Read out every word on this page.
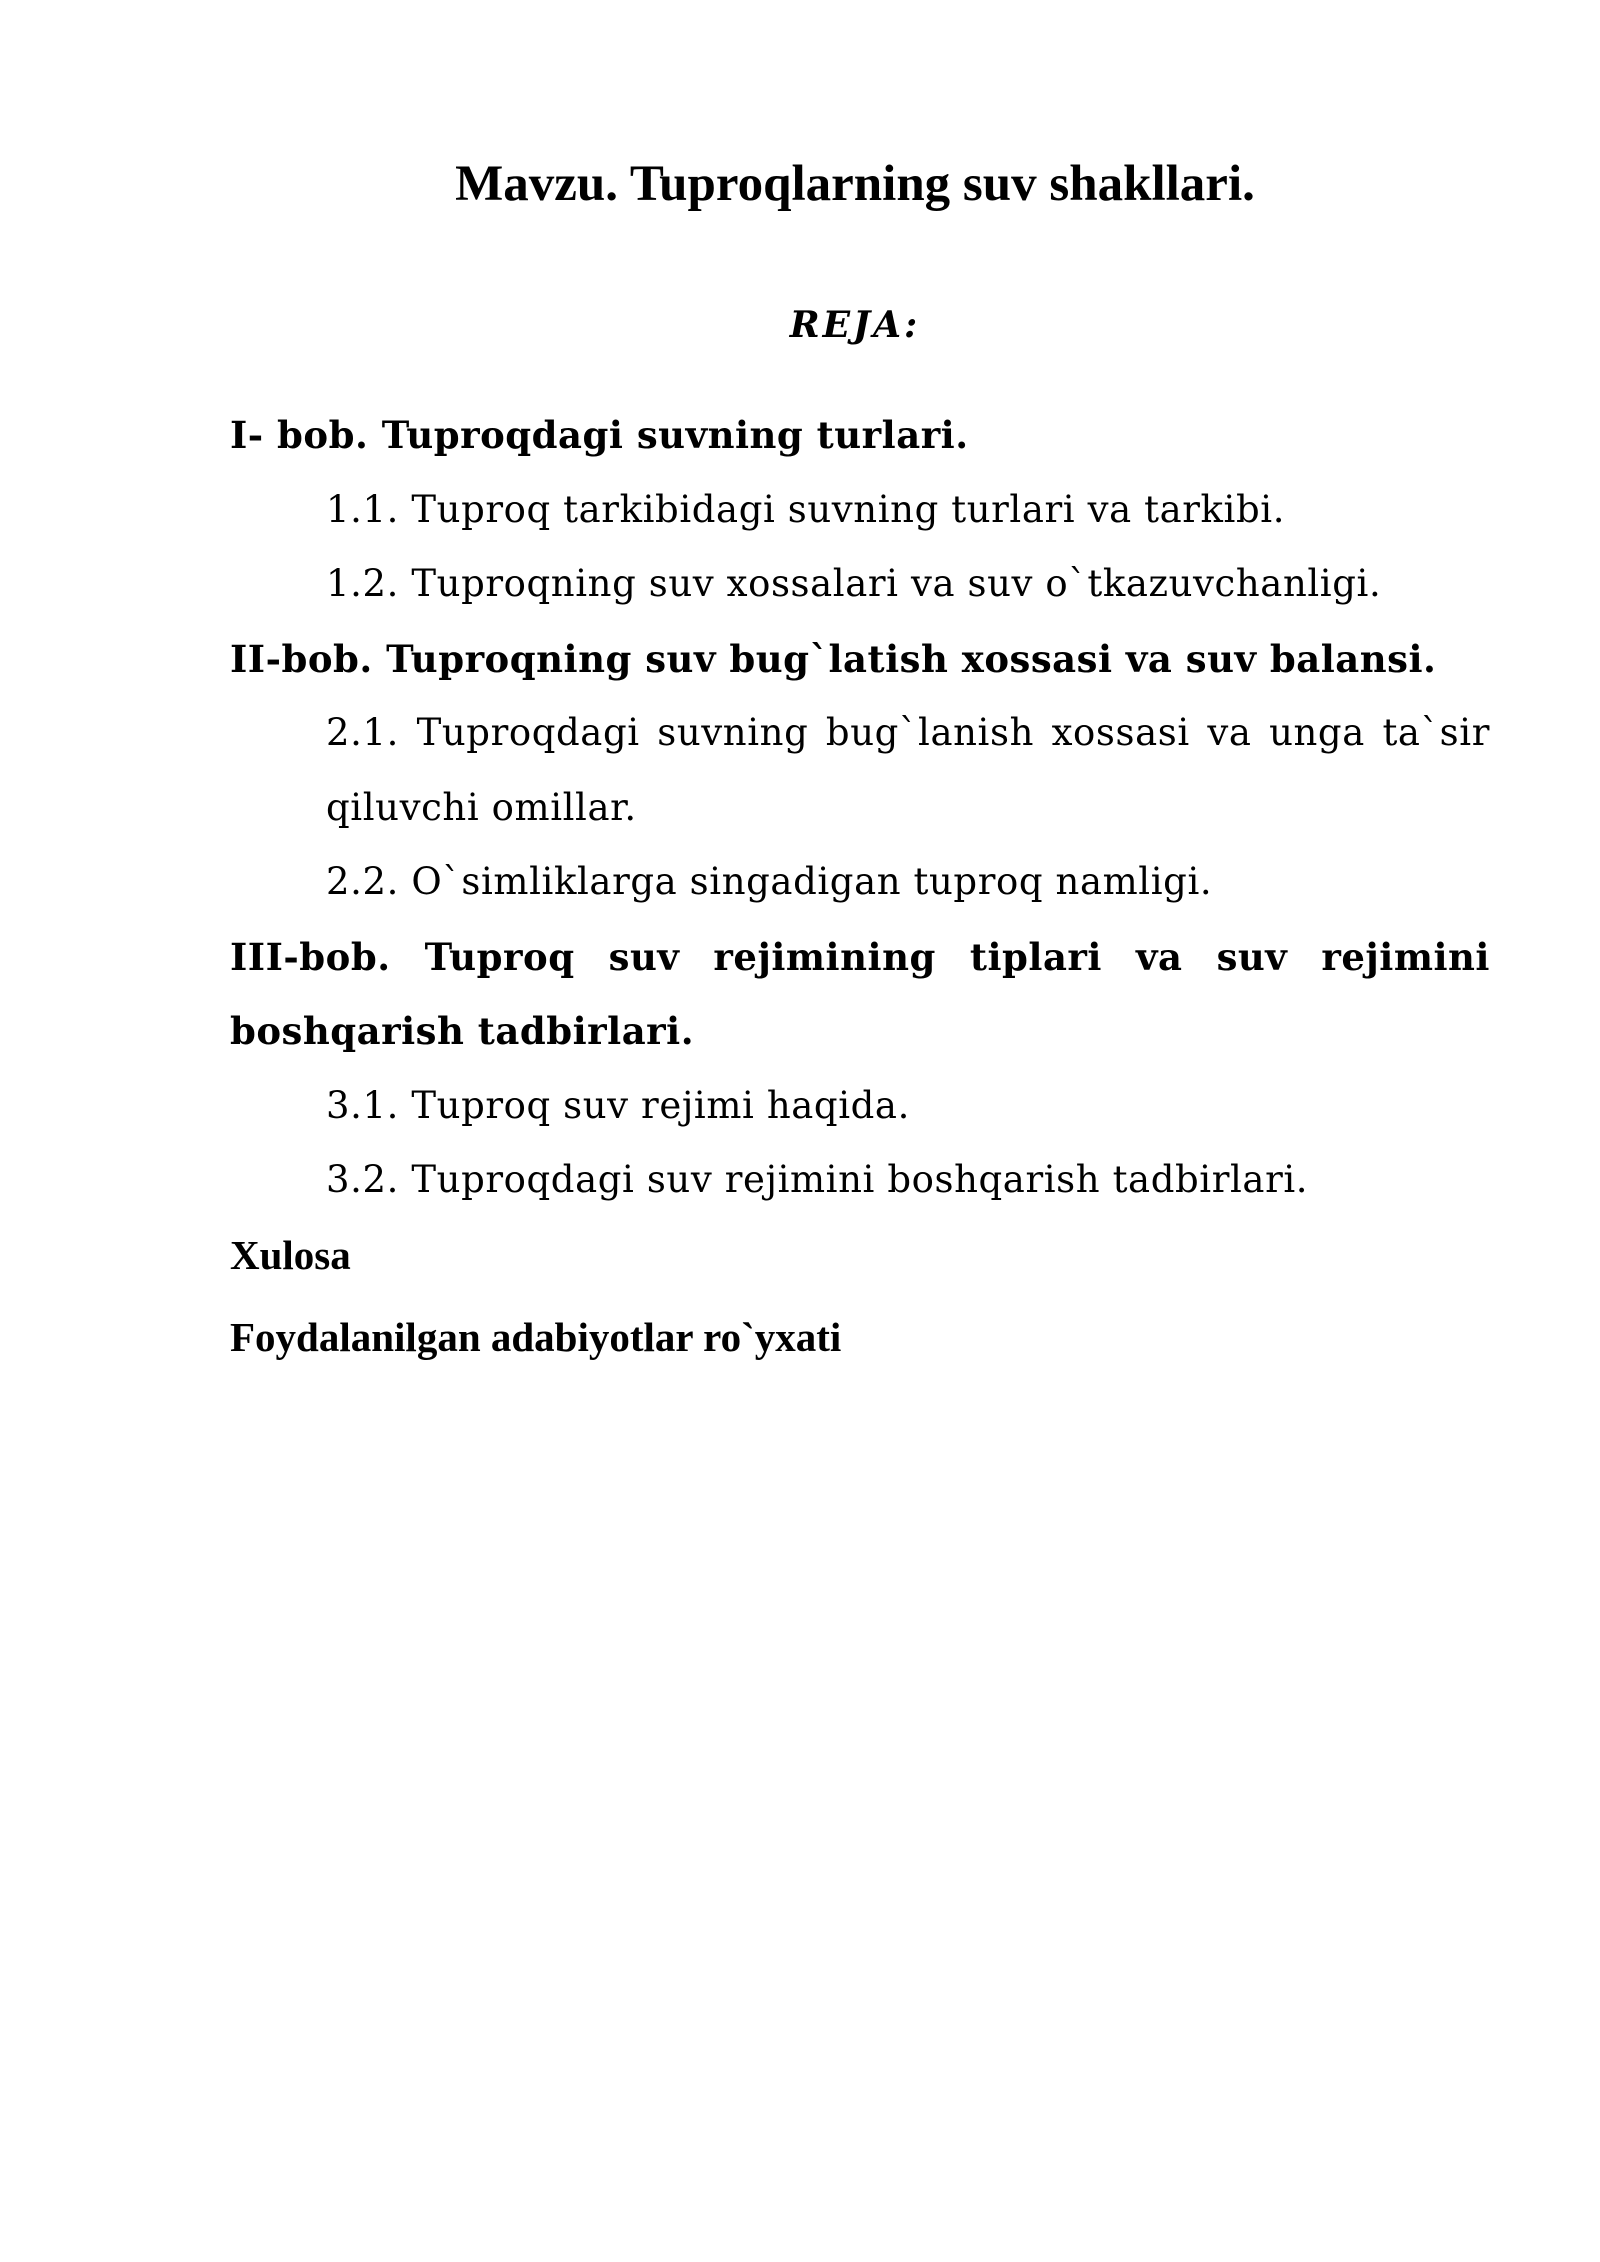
Mavzu. Tuproqlarning suv shakllari.
REJA:

I- bob. Tuproqdagi suvning turlari.

1.1. Tuproq tarkibidagi suvning turlari va tarkibi.

1.2. Tuproqning suv xossalari va suv o`tkazuvchanligi.

II-bob. Tuproqning suv bug`latish xossasi va suv balansi.

2.1. Tuproqdagi suvning bug`lanish xossasi va unga ta`sir

qiluvchi omillar.

2.2. O`simliklarga singadigan tuproq namligi.

III-bob. Tuproq suv rejimining tiplari va suv rejimini

boshqarish tadbirlari.

3.1. Tuproq suv rejimi haqida.

3.2. Tuproqdagi suv rejimini boshqarish tadbirlari.

Xulosa

Foydalanilgan adabiyotlar ro`yxati
